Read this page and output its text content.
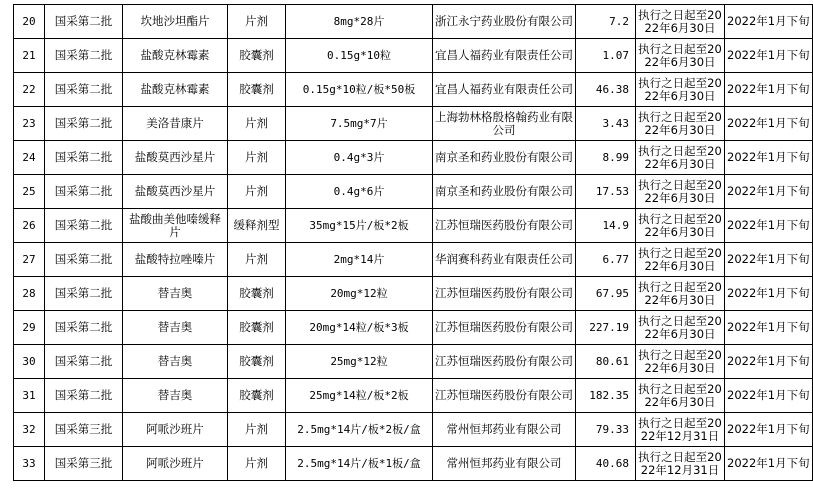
20	国采第二批	坎地沙坦酯片	片剂	8mg*28片	浙江永宁药业股份有限公司	7.2	执行之日起至2022年6月30日	2022年1月下旬
21	国采第二批	盐酸克林霉素	胶囊剂	0.15g*10粒	宜昌人福药业有限责任公司	1.07	执行之日起至2022年6月30日	2022年1月下旬
22	国采第二批	盐酸克林霉素	胶囊剂	0.15g*10粒/板*50板	宜昌人福药业有限责任公司	46.38	执行之日起至2022年6月30日	2022年1月下旬
23	国采第二批	美洛昔康片	片剂	7.5mg*7片	上海勃林格殷格翰药业有限公司	3.43	执行之日起至2022年6月30日	2022年1月下旬
24	国采第二批	盐酸莫西沙星片	片剂	0.4g*3片	南京圣和药业股份有限公司	8.99	执行之日起至2022年6月30日	2022年1月下旬
25	国采第二批	盐酸莫西沙星片	片剂	0.4g*6片	南京圣和药业股份有限公司	17.53	执行之日起至2022年6月30日	2022年1月下旬
26	国采第二批	盐酸曲美他嗪缓释片	缓释剂型	35mg*15片/板*2板	江苏恒瑞医药股份有限公司	14.9	执行之日起至2022年6月30日	2022年1月下旬
27	国采第二批	盐酸特拉唑嗪片	片剂	2mg*14片	华润赛科药业有限责任公司	6.77	执行之日起至2022年6月30日	2022年1月下旬
28	国采第二批	替吉奥	胶囊剂	20mg*12粒	江苏恒瑞医药股份有限公司	67.95	执行之日起至2022年6月30日	2022年1月下旬
29	国采第二批	替吉奥	胶囊剂	20mg*14粒/板*3板	江苏恒瑞医药股份有限公司	227.19	执行之日起至2022年6月30日	2022年1月下旬
30	国采第二批	替吉奥	胶囊剂	25mg*12粒	江苏恒瑞医药股份有限公司	80.61	执行之日起至2022年6月30日	2022年1月下旬
31	国采第二批	替吉奥	胶囊剂	25mg*14粒/板*2板	江苏恒瑞医药股份有限公司	182.35	执行之日起至2022年6月30日	2022年1月下旬
32	国采第三批	阿哌沙班片	片剂	2.5mg*14片/板*2板/盒	常州恒邦药业有限公司	79.33	执行之日起至2022年12月31日	2022年1月下旬
33	国采第三批	阿哌沙班片	片剂	2.5mg*14片/板*1板/盒	常州恒邦药业有限公司	40.68	执行之日起至2022年12月31日	2022年1月下旬
